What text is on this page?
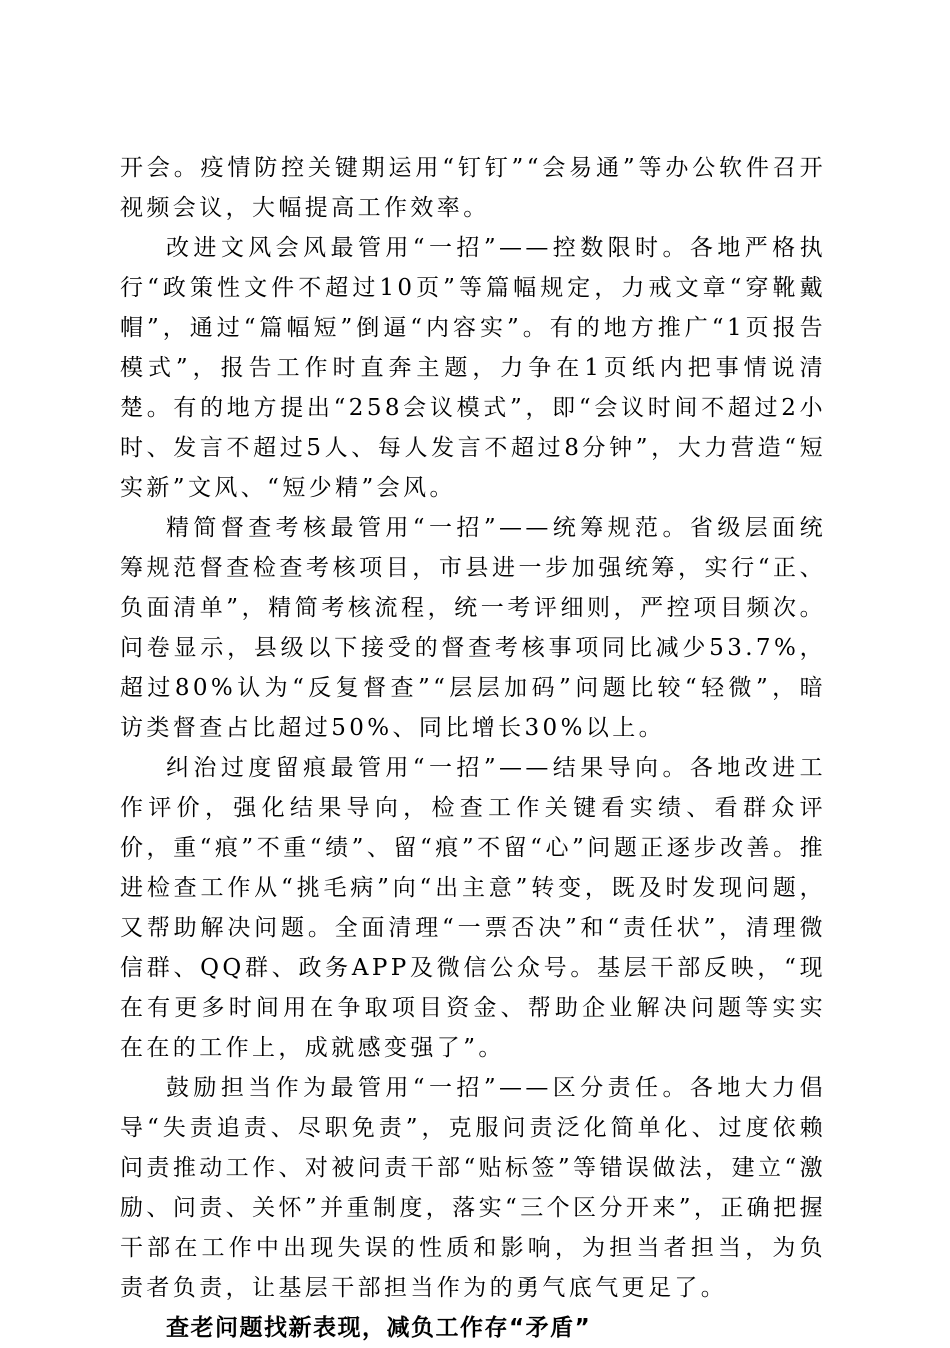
开会。疫情防控关键期运用“钉钉”“会易通”等办公软件召开视频会议，大幅提高工作效率。

改进文风会风最管用“一招”——控数限时。各地严格执行“政策性文件不超过10页”等篇幅规定，力戒文章“穿靴戴帽”，通过“篇幅短”倒逼“内容实”。有的地方推广“1页报告模式”，报告工作时直奔主题，力争在1页纸内把事情说清楚。有的地方提出“258会议模式”，即“会议时间不超过2小时、发言不超过5人、每人发言不超过8分钟”，大力营造“短实新”文风、“短少精”会风。

精简督查考核最管用“一招”——统筹规范。省级层面统筹规范督查检查考核项目，市县进一步加强统筹，实行“正、负面清单”，精简考核流程，统一考评细则，严控项目频次。问卷显示，县级以下接受的督查考核事项同比减少53.7%，超过80%认为“反复督查”“层层加码”问题比较“轻微”，暗访类督查占比超过50%、同比增长30%以上。

纠治过度留痕最管用“一招”——结果导向。各地改进工作评价，强化结果导向，检查工作关键看实绩、看群众评价，重“痕”不重“绩”、留“痕”不留“心”问题正逐步改善。推进检查工作从“挑毛病”向“出主意”转变，既及时发现问题，又帮助解决问题。全面清理“一票否决”和“责任状”，清理微信群、QQ群、政务APP及微信公众号。基层干部反映，“现在有更多时间用在争取项目资金、帮助企业解决问题等实实在在的工作上，成就感变强了”。

鼓励担当作为最管用“一招”——区分责任。各地大力倡导“失责追责、尽职免责”，克服问责泛化简单化、过度依赖问责推动工作、对被问责干部“贴标签”等错误做法，建立“激励、问责、关怀”并重制度，落实“三个区分开来”，正确把握干部在工作中出现失误的性质和影响，为担当者担当，为负责者负责，让基层干部担当作为的勇气底气更足了。

查老问题找新表现，减负工作存“矛盾”
